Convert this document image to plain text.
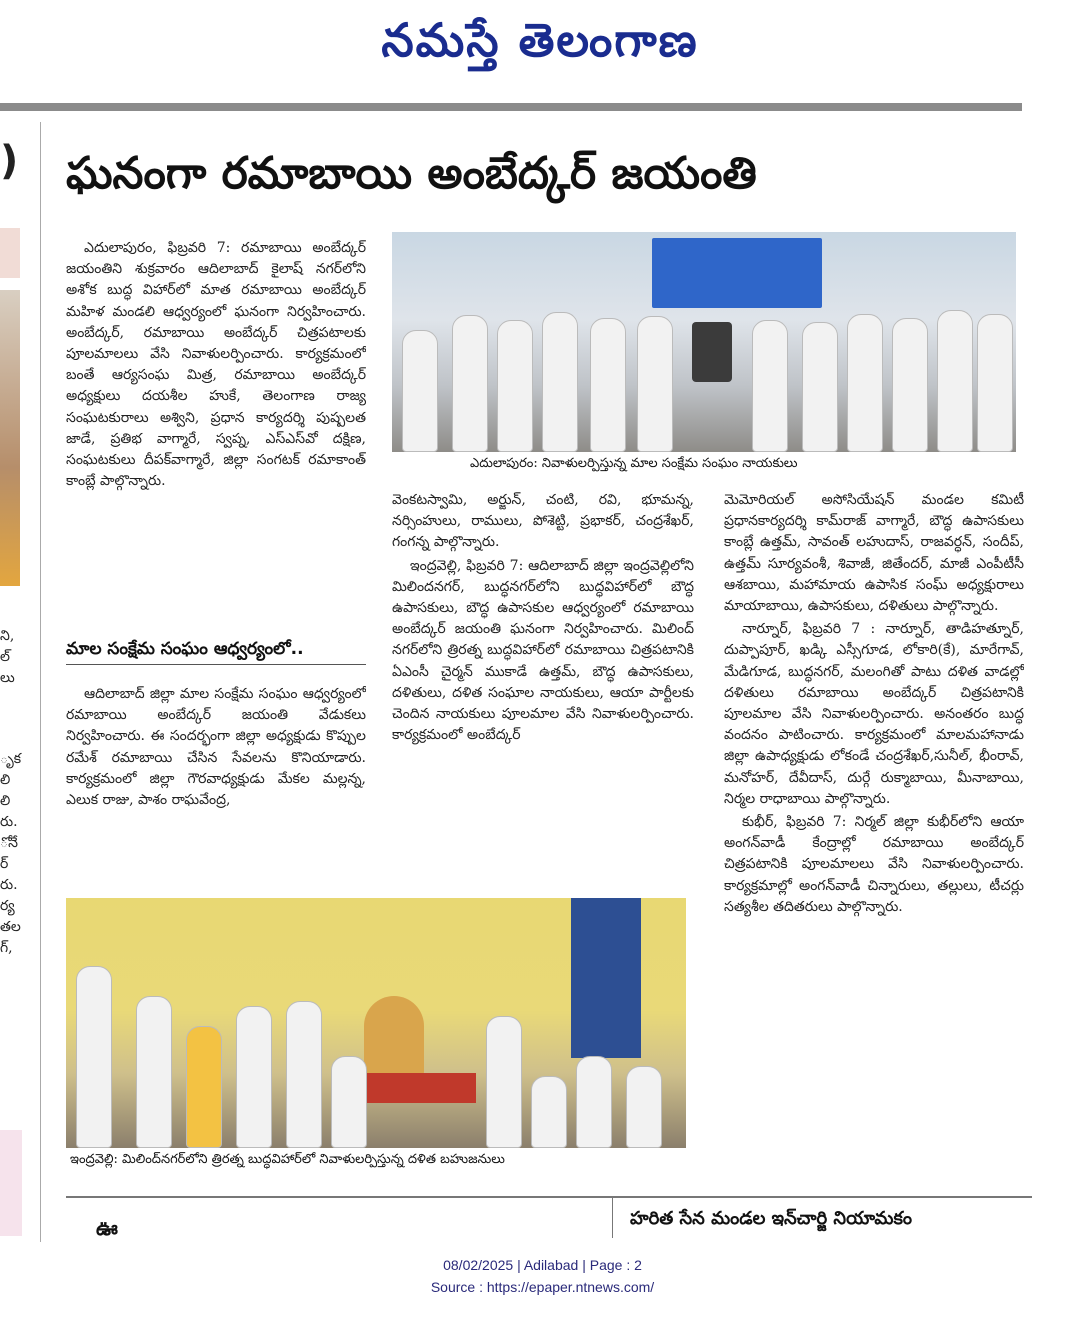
నమస్తే తెలంగాణ
)
ని,
ల్
లు
ృక
లి
లి
రు.
ోనే
ర్
రు.
ర్య
తల
గ్,
ఘనంగా రమాబాయి అంబేద్కర్ జయంతి

ఎదులాపురం, ఫిబ్రవరి 7: రమాబాయి అంబేద్కర్ జయంతిని శుక్రవారం ఆదిలాబాద్ కైలాష్ నగర్‌లోని అశోక బుద్ధ విహార్‌లో మాత రమాబాయి అంబేద్కర్ మహిళ మండలి ఆధ్వర్యంలో ఘనంగా నిర్వహించారు. అంబేద్కర్, రమాబాయి అంబేద్కర్ చిత్రపటాలకు పూలమాలలు వేసి నివాళులర్పించారు. కార్యక్రమంలో బంతే ఆర్యసంఘ మిత్ర, రమాబాయి అంబేద్కర్ అధ్యక్షులు దయశీల హుకే, తెలంగాణ రాజ్య సంఘటకురాలు అశ్విని, ప్రధాన కార్యదర్శి పుష్పలత జాడే, ప్రతిభ వాగ్మారే, స్వప్న, ఎస్ఎస్‌వో దక్షిణ, సంఘటకులు దీపక్‌వాగ్మారే, జిల్లా సంగటక్ రమాకాంత్ కాంబ్లే పాల్గొన్నారు.

మాల సంక్షేమ సంఘం ఆధ్వర్యంలో..

ఆదిలాబాద్ జిల్లా మాల సంక్షేమ సంఘం ఆధ్వర్యంలో రమాబాయి అంబేద్కర్ జయంతి వేడుకలు నిర్వహించారు. ఈ సందర్భంగా జిల్లా అధ్యక్షుడు కొప్పుల రమేశ్ రమాబాయి చేసిన సేవలను కొనియాడారు. కార్యక్రమంలో జిల్లా గౌరవాధ్యక్షుడు మేకల మల్లన్న, ఎలుక రాజు, పాశం రాఘవేంద్ర,

ఎదులాపురం: నివాళులర్పిస్తున్న మాల సంక్షేమ సంఘం నాయకులు

వెంకటస్వామి, అర్జున్, చంటి, రవి, భూమన్న, నర్సింహులు, రాములు, పోశెట్టి, ప్రభాకర్, చంద్రశేఖర్, గంగన్న పాల్గొన్నారు.

ఇంద్రవెల్లి, ఫిబ్రవరి 7: ఆదిలాబాద్ జిల్లా ఇంద్రవెల్లిలోని మిలిందనగర్, బుద్ధనగర్‌లోని బుద్ధవిహార్‌లో బౌద్ధ ఉపాసకులు, బౌద్ధ ఉపాసకుల ఆధ్వర్యంలో రమాబాయి అంబేద్కర్ జయంతి ఘనంగా నిర్వహించారు. మిలింద్ నగర్‌లోని త్రిరత్న బుద్ధవిహార్‌లో రమాబాయి చిత్రపటానికి ఏఎంసీ చైర్మన్ ముకాడే ఉత్తమ్, బౌద్ధ ఉపాసకులు, దళితులు, దళిత సంఘాల నాయకులు, ఆయా పార్టీలకు చెందిన నాయకులు పూలమాల వేసి నివాళులర్పించారు. కార్యక్రమంలో అంబేద్కర్

మెమోరియల్ అసోసియేషన్ మండల కమిటీ ప్రధానకార్యదర్శి కామ్‌రాజ్ వాగ్మారే, బౌద్ధ ఉపాసకులు కాంబ్లే ఉత్తమ్, సావంత్ లహుదాస్, రాజవర్ధన్, సందీప్, ఉత్తమ్ సూర్యవంశీ, శివాజీ, జితేందర్, మాజీ ఎంపీటీసీ ఆశబాయి, మహామాయ ఉపాసిక సంఘ్ అధ్యక్షురాలు మాయాబాయి, ఉపాసకులు, దళితులు పాల్గొన్నారు.

నార్నూర్, ఫిబ్రవరి 7 : నార్నూర్, తాడిహత్నూర్, దుప్పాపూర్, ఖడ్కి ఎస్సీగూడ, లోకారి(కే), మారేగావ్, మేడిగూడ, బుద్ధనగర్, మలంగితో పాటు దళిత వాడల్లో దళితులు రమాబాయి అంబేద్కర్ చిత్రపటానికి పూలమాల వేసి నివాళులర్పించారు. అనంతరం బుద్ధ వందనం పాటించారు. కార్యక్రమంలో మాలమహానాడు జిల్లా ఉపాధ్యక్షుడు లోకండే చంద్రశేఖర్,సునీల్, భీంరావ్, మనోహర్, దేవీదాస్, దుర్గే రుక్మాబాయి, మీనాబాయి, నిర్మల రాధాబాయి పాల్గొన్నారు.

కుభీర్, ఫిబ్రవరి 7: నిర్మల్ జిల్లా కుభీర్‌లోని ఆయా అంగన్‌వాడీ కేంద్రాల్లో రమాబాయి అంబేద్కర్ చిత్రపటానికి పూలమాలలు వేసి నివాళులర్పించారు. కార్యక్రమాల్లో అంగన్‌వాడీ చిన్నారులు, తల్లులు, టీచర్లు సత్యశీల తదితరులు పాల్గొన్నారు.

ఇంద్రవెల్లి: మిలింద్‌నగర్‌లోని త్రిరత్న బుద్ధవిహార్‌లో నివాళులర్పిస్తున్న దళిత బహుజనులు
ఊ	హరిత సేన మండల ఇన్‌చార్జి నియామకం
08/02/2025 | Adilabad | Page : 2
Source : https://epaper.ntnews.com/
